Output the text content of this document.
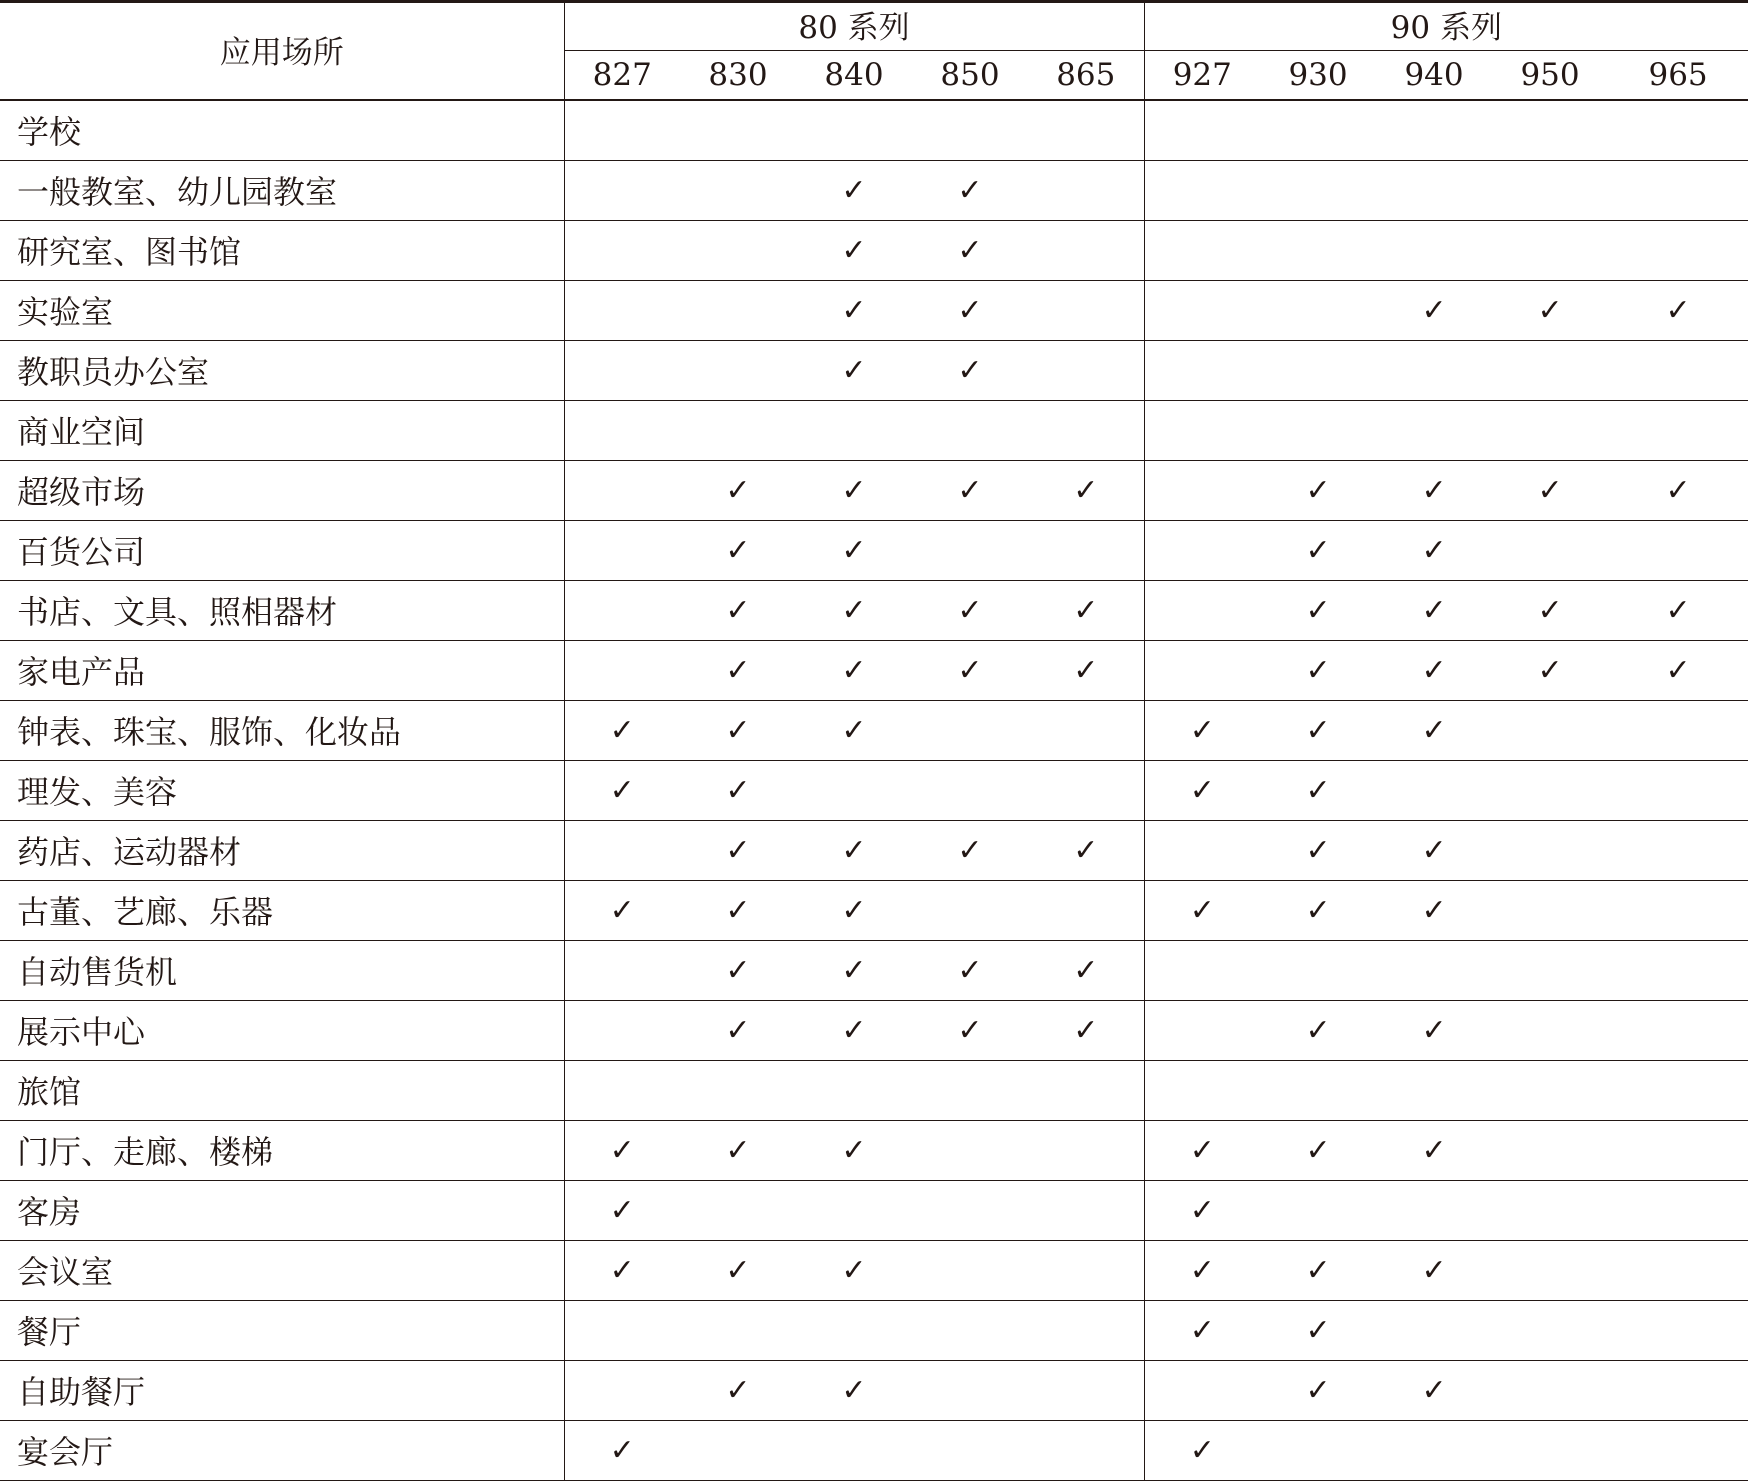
应用场所	80 系列					90 系列				
	827	830	840	850	865	927	930	940	950	965
学校										
一般教室、幼儿园教室			✓	✓						
研究室、图书馆			✓	✓						
实验室			✓	✓				✓	✓	✓
教职员办公室			✓	✓						
商业空间										
超级市场		✓	✓	✓	✓		✓	✓	✓	✓
百货公司		✓	✓				✓	✓		
书店、文具、照相器材		✓	✓	✓	✓		✓	✓	✓	✓
家电产品		✓	✓	✓	✓		✓	✓	✓	✓
钟表、珠宝、服饰、化妆品	✓	✓	✓			✓	✓	✓		
理发、美容	✓	✓				✓	✓			
药店、运动器材		✓	✓	✓	✓		✓	✓		
古董、艺廊、乐器	✓	✓	✓			✓	✓	✓		
自动售货机		✓	✓	✓	✓					
展示中心		✓	✓	✓	✓		✓	✓		
旅馆										
门厅、走廊、楼梯	✓	✓	✓			✓	✓	✓		
客房	✓					✓				
会议室	✓	✓	✓			✓	✓	✓		
餐厅						✓	✓			
自助餐厅		✓	✓				✓	✓		
宴会厅	✓					✓				
